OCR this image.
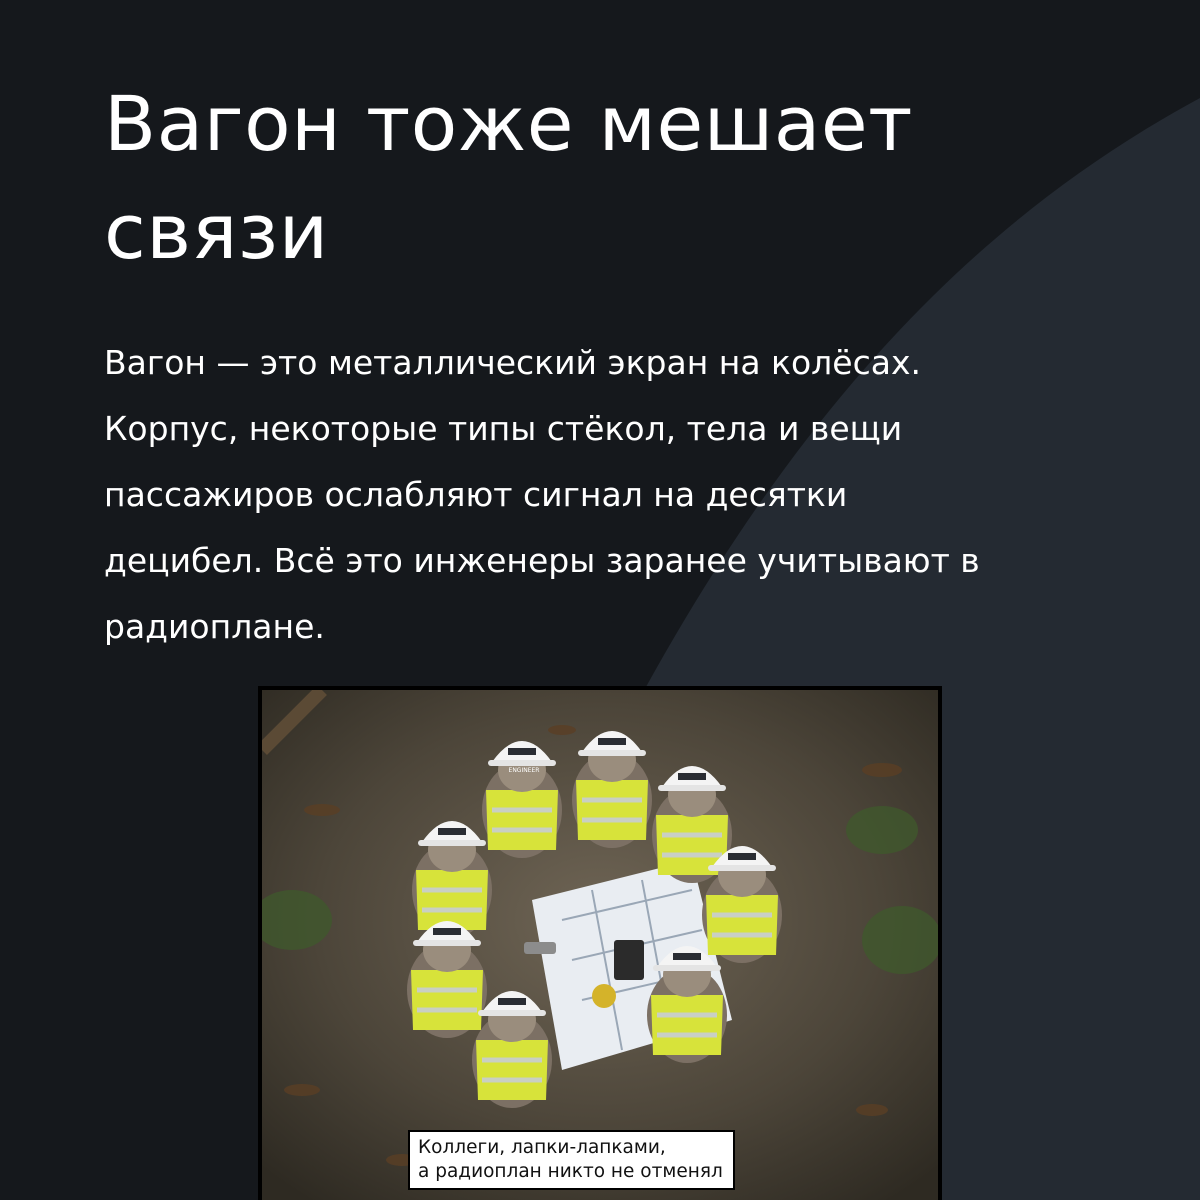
Вагон тоже мешает
связи

Вагон — это металлический экран на колёсах.
Корпус, некоторые типы стёкол, тела и вещи
пассажиров ослабляют сигнал на десятки
децибел. Всё это инженеры заранее учитывают в
радиоплане.

ENGINEER
Коллеги, лапки-лапками,
а радиоплан никто не отменял
